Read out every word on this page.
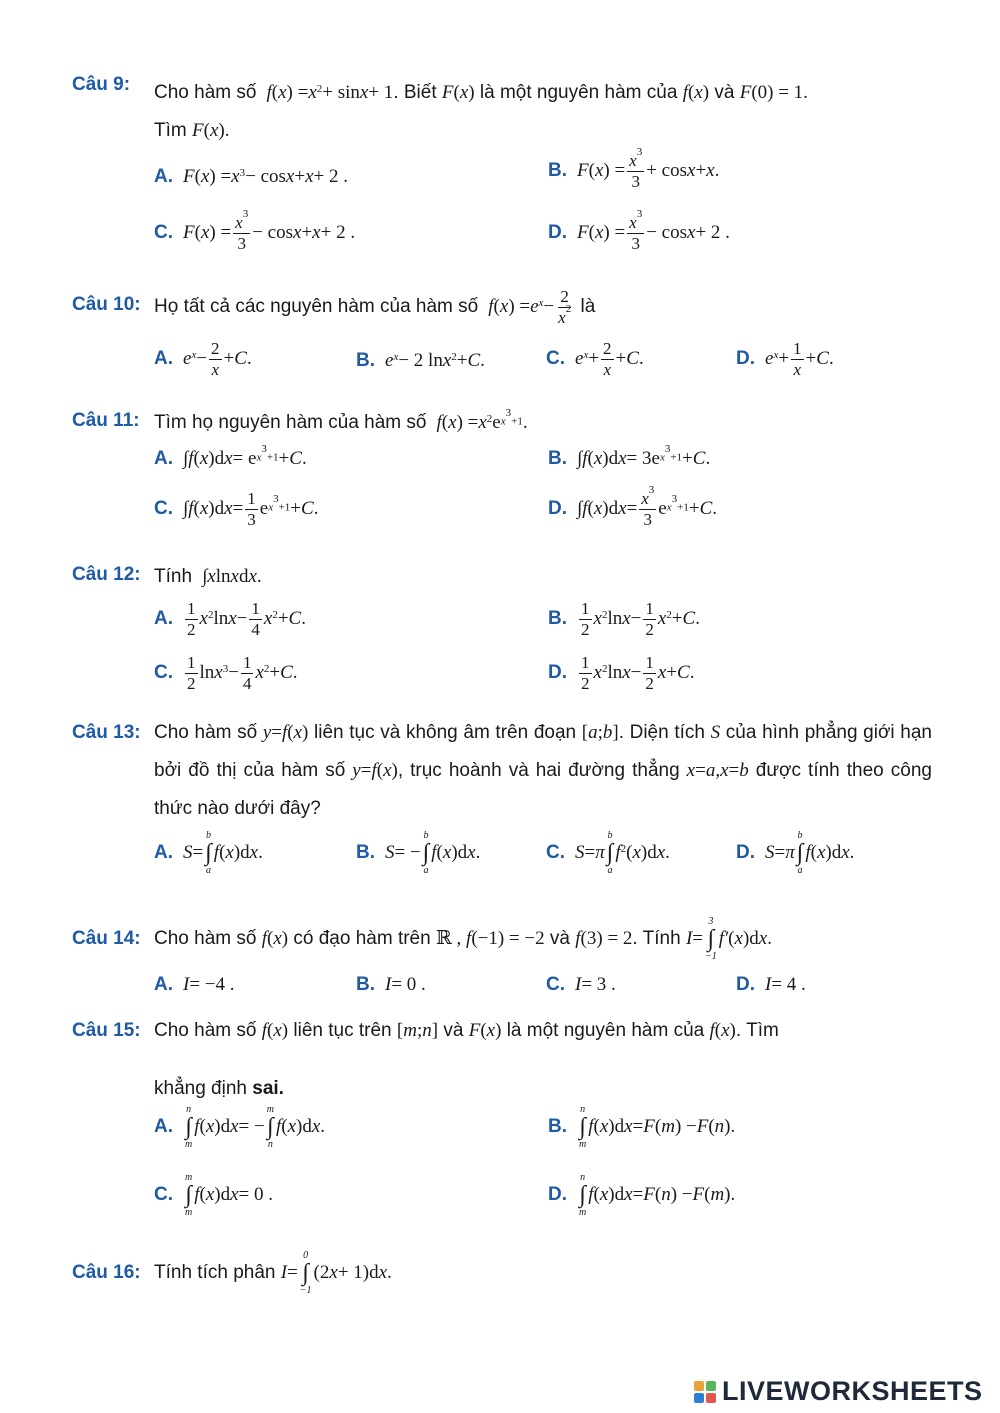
Câu 9: Cho hàm số f ( x ) = $x^2 + \sin x + 1$. Biết F ( x ) là một nguyên hàm của f ( x ) và F (0) = 1.
Tìm F ( x ).
A. F ( x ) = $x^3 - \cos x + x + 2$ .	B. F ( x ) = $\frac{x^3}{3} + \cos x + x$ .
C. F ( x ) = $\frac{x^3}{3} - \cos x + x + 2$ .	D. F ( x ) = $\frac{x^3}{3} - \cos x + 2$ .
Câu 10: Họ tất cả các nguyên hàm của hàm số f ( x ) = $e^x - \frac{2}{x^2}$ là
A. $e^x - \frac{2}{x} + C$ .	B. $e^x - 2$ $\ln x^2 + C$ .	C. $e^x + \frac{2}{x} + C$ .	D. $e^x + \frac{1}{x} + C$ .
Câu 11: Tìm họ nguyên hàm của hàm số f ( x ) = $x^2$ e $^{x^3+1}$ .
A. ∫ f ( x )d x = e $^{x^3+1}$ + C .	B. ∫ f ( x )d x = 3e $^{x^3+1}$ + C .
C. ∫ f ( x )d $x = \frac{1}{3}$ e $^{x^3+1}$ + C .	D. ∫ f ( x )d $x = \frac{x^3}{3}$ e $^{x^3+1}$ + C .
Câu 12: Tính  ∫ x ln x d x .
A. $\frac{1}{2} x^2$ $\ln x - \frac{1}{4} x^2 + C$ .	B. $\frac{1}{2} x^2$ $\ln x - \frac{1}{2} x^2 + C$ .
C. $\frac{1}{2}$ $\ln x^3 - \frac{1}{4} x^2 + C$ .	D. $\frac{1}{2} x^2$ $\ln x - \frac{1}{2}$ x + C .
Câu 13: Cho hàm số y = f ( x ) liên tục và không âm trên đoạn [ a ; b ]. Diện tích S của hình phẳng giới hạn bởi đồ thị của hàm số y = f ( x ), trục hoành và hai đường thẳng x = a , x = b được tính theo công thức nào dưới đây?
A. S =
b
∫
a
f ( x )d x .	B. S = −
b
∫
a
f ( x )d x .	C. S = π
b
∫
a
$f^2$ ( x )d x .	D. S = π
b
∫
a
f ( x )d x .
Câu 14: Cho hàm số f ( x ) có đạo hàm trên ℝ , f (−1) = −2 và f (3) = 2. Tính I =
3
∫
−1
f′ ( x )d x .
A. I = −4 .	B. I = 0 .	C. I = 3 .	D. I = 4 .
Câu 15: Cho hàm số f ( x ) liên tục trên [ m ; n ] và F ( x ) là một nguyên hàm của f ( x ). Tìm
khẳng định sai.
A.
n
∫
m
f ( x )d x = −
m
∫
n
f ( x )d x .	B.
n
∫
m
f ( x )d x = F ( m ) − F ( n ).
C.
m
∫
m
f ( x )d x = 0 .	D.
n
∫
m
f ( x )d x = F ( n ) − F ( m ).
Câu 16: Tính tích phân I =
0
∫
−1
(2 x + 1)d x .
LIVEWORKSHEETS
